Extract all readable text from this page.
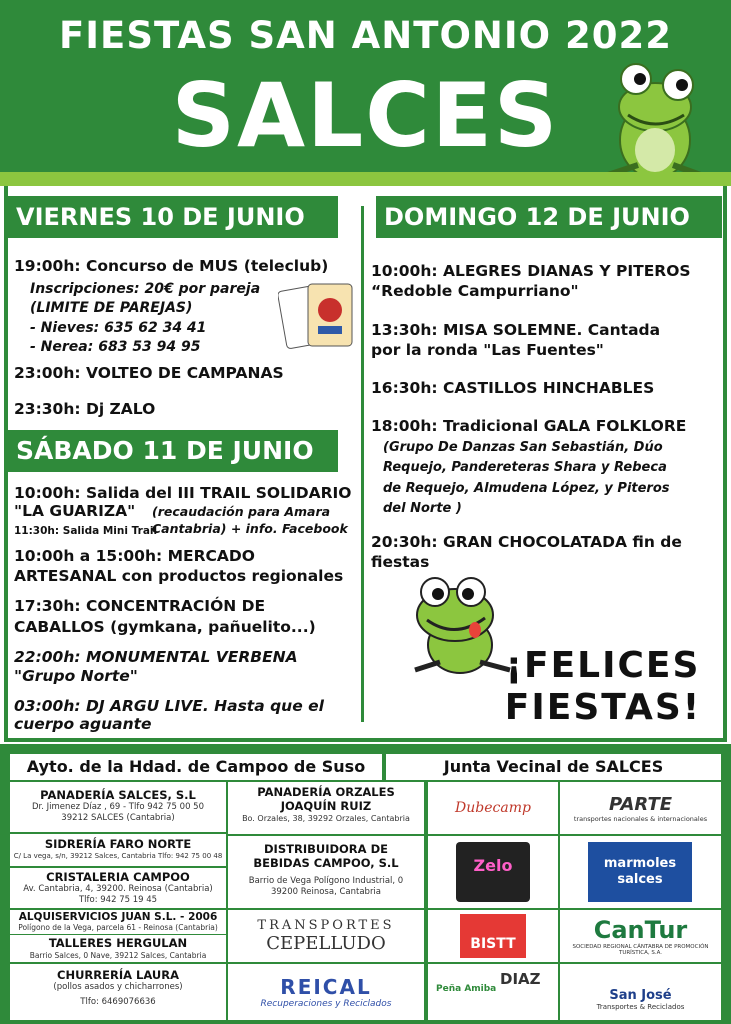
FIESTAS SAN ANTONIO 2022
SALCES
VIERNES 10 DE JUNIO
19:00h: Concurso de MUS (teleclub)
Inscripciones: 20€ por pareja
(LIMITE DE PAREJAS)
- Nieves: 635 62 34 41
- Nerea: 683 53 94 95
23:00h: VOLTEO DE CAMPANAS
23:30h: Dj ZALO
SÁBADO 11 DE JUNIO
10:00h: Salida del III TRAIL SOLIDARIO
"LA GUARIZA" (recaudación para Amara
11:30h: Salida Mini Trail
Cantabria) + info. Facebook
10:00h a 15:00h: MERCADO
ARTESANAL con productos regionales
17:30h: CONCENTRACIÓN DE
CABALLOS (gymkana, pañuelito...)
22:00h: MONUMENTAL VERBENA
"Grupo Norte"
03:00h: DJ ARGU LIVE. Hasta que el
cuerpo aguante
DOMINGO 12 DE JUNIO
10:00h: ALEGRES DIANAS Y PITEROS
“Redoble Campurriano"
13:30h: MISA SOLEMNE. Cantada
por la ronda "Las Fuentes"
16:30h: CASTILLOS HINCHABLES
18:00h: Tradicional GALA FOLKLORE
(Grupo De Danzas San Sebastián, Dúo
Requejo, Pandereteras Shara y Rebeca
de Requejo, Almudena López, y Piteros
del Norte )
20:30h: GRAN CHOCOLATADA fin de
fiestas
¡FELICES
FIESTAS!
Ayto. de la Hdad. de Campoo de Suso	Junta Vecinal de SALCES
PANADERÍA SALCES, S.L
Dr. Jimenez Díaz , 69 - Tlfo 942 75 00 50
39212 SALCES (Cantabria)
SIDRERÍA FARO NORTE
C/ La vega, s/n, 39212 Salces, Cantabria Tlfo: 942 75 00 48
CRISTALERIA CAMPOO
Av. Cantabria, 4, 39200. Reinosa (Cantabria)
Tlfo: 942 75 19 45
ALQUISERVICIOS JUAN S.L. - 2006
Polígono de la Vega, parcela 61 - Reinosa (Cantabria)
TALLERES HERGULAN
Barrio Salces, 0 Nave, 39212 Salces, Cantabria
CHURRERÍA LAURA
(pollos asados y chicharrones)
Tlfo: 6469076636
PANADERÍA ORZALES
JOAQUÍN RUIZ
Bo. Orzales, 38, 39292 Orzales, Cantabria
DISTRIBUIDORA DE
BEBIDAS CAMPOO, S.L
Barrio de Vega Polígono Industrial, 0
39200 Reinosa, Cantabria
TRANSPORTES
CEPELLUDO
REICAL
Recuperaciones y Reciclados
Dubecamp
Zelo
BISTT
Peña Amiba
DIAZ
PARTE
transportes nacionales & internacionales
marmoles
salces
CanTur
SOCIEDAD REGIONAL CÁNTABRA DE PROMOCIÓN TURÍSTICA, S.A.
San José
Transportes & Reciclados
